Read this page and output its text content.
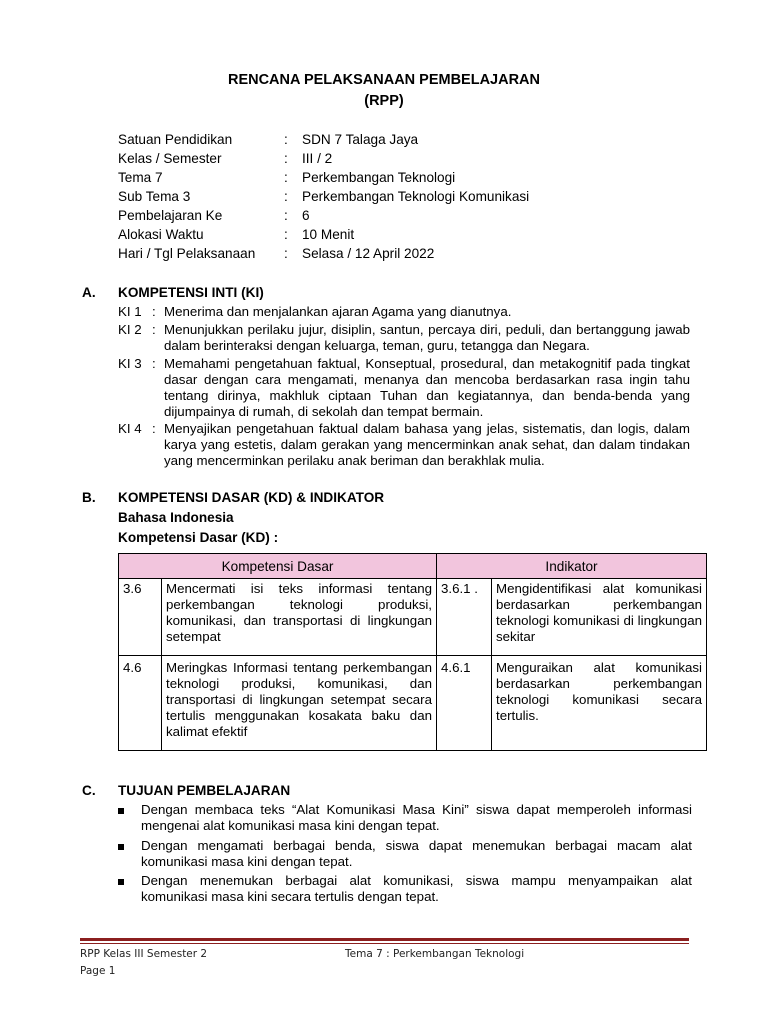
RENCANA PELAKSANAAN PEMBELAJARAN
(RPP)
Satuan Pendidikan	: SDN 7 Talaga Jaya
Kelas / Semester	: III / 2
Tema 7	: Perkembangan Teknologi
Sub Tema 3	: Perkembangan Teknologi Komunikasi
Pembelajaran Ke	: 6
Alokasi Waktu	: 10 Menit
Hari / Tgl Pelaksanaan : Selasa / 12 April 2022
A. KOMPETENSI INTI (KI)
KI 1 : Menerima dan menjalankan ajaran Agama yang dianutnya.
KI 2 : Menunjukkan perilaku jujur, disiplin, santun, percaya diri, peduli, dan bertanggung jawab dalam berinteraksi dengan keluarga, teman, guru, tetangga dan Negara.
KI 3 : Memahami pengetahuan faktual, Konseptual, prosedural, dan metakognitif pada tingkat dasar dengan cara mengamati, menanya dan mencoba berdasarkan rasa ingin tahu tentang dirinya, makhluk ciptaan Tuhan dan kegiatannya, dan benda-benda yang dijumpainya di rumah, di sekolah dan tempat bermain.
KI 4 : Menyajikan pengetahuan faktual dalam bahasa yang jelas, sistematis, dan logis, dalam karya yang estetis, dalam gerakan yang mencerminkan anak sehat, dan dalam tindakan yang mencerminkan perilaku anak beriman dan berakhlak mulia.
B. KOMPETENSI DASAR (KD) & INDIKATOR
Bahasa Indonesia
Kompetensi Dasar (KD) :
Kompetensi Dasar		Indikator	
3.6	Mencermati isi teks informasi tentang perkembangan teknologi produksi, komunikasi, dan transportasi di lingkungan setempat	3.6.1 .	Mengidentifikasi alat komunikasi berdasarkan perkembangan teknologi komunikasi di lingkungan sekitar
4.6	Meringkas Informasi tentang perkembangan teknologi produksi, komunikasi, dan transportasi di lingkungan setempat secara tertulis menggunakan kosakata baku dan kalimat efektif	4.6.1	Menguraikan alat komunikasi berdasarkan perkembangan teknologi komunikasi secara tertulis.
C. TUJUAN PEMBELAJARAN
Dengan membaca teks “Alat Komunikasi Masa Kini” siswa dapat memperoleh informasi mengenai alat komunikasi masa kini dengan tepat.
Dengan mengamati berbagai benda, siswa dapat menemukan berbagai macam alat komunikasi masa kini dengan tepat.
Dengan menemukan berbagai alat komunikasi, siswa mampu menyampaikan alat komunikasi masa kini secara tertulis dengan tepat.
RPP Kelas III Semester 2	Tema 7 : Perkembangan Teknologi
Page 1
